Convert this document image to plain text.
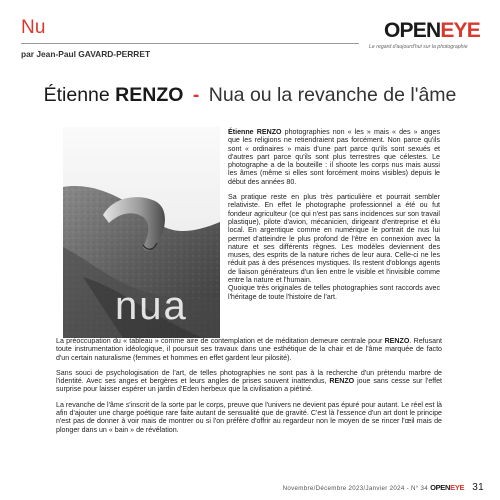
Nu
par Jean-Paul GAVARD-PERRET
OPENEYE
Le regard d'aujourd'hui sur la photographie
Étienne RENZO - Nua ou la revanche de l'âme
nua

Étienne RENZO photographies non « les » mais « des » anges que les religions ne retiendraient pas forcément. Non parce qu'ils sont « ordinaires » mais d'une part parce qu'ils sont sexués et d'autres part parce qu'ils sont plus terrestres que célestes. Le photographe a de la bouteille : il shoote les corps nus mais aussi les âmes (même si elles sont forcément moins visibles) depuis le début des années 80.

Sa pratique reste en plus très particulière et pourrait sembler relativiste. En effet le photographe professionnel a été ou fut fondeur agriculteur (ce qui n'est pas sans incidences sur son travail plastique), pilote d'avion, mécanicien, dirigeant d'entreprise et élu local. En argentique comme en numérique le portrait de nus lui permet d'atteindre le plus profond de l'être en connexion avec la nature et ses différents règnes. Les modèles deviennent des muses, des esprits de la nature riches de leur aura. Celle-ci ne les réduit pas à des présences mystiques. Ils restent d'oblongs agents de liaison générateurs d'un lien entre le visible et l'invisible comme entre la nature et l'humain.

Quoique très originales de telles photographies sont raccords avec l'héritage de toute l'histoire de l'art.

La préoccupation du « tableau » comme aire de contemplation et de méditation demeure centrale pour RENZO. Refusant toute instrumentation idéologique, il poursuit ses travaux dans une esthétique de la chair et de l'âme marquée de facto d'un certain naturalisme (femmes et hommes en effet gardent leur pilosité).

Sans souci de psychologisation de l'art, de telles photographies ne sont pas à la recherche d'un prétendu marbre de l'identité. Avec ses anges et bergères et leurs angles de prises souvent inattendus, RENZO joue sans cesse sur l'effet surprise pour laisser espérer un jardin d'Eden herbeux que la civilisation a piétiné.

La revanche de l'âme s'inscrit de la sorte par le corps, preuve que l'univers ne devient pas épuré pour autant. Le réel est là afin d'ajouter une charge poétique rare faite autant de sensualité que de gravité. C'est là l'essence d'un art dont le principe n'est pas de donner à voir mais de montrer ou si l'on préfère d'offrir au regardeur non le moyen de se rincer l'œil mais de plonger dans un « bain » de révélation.

Novembre/Décembre 2023/Janvier 2024 - N° 34 OPENEYE 31
